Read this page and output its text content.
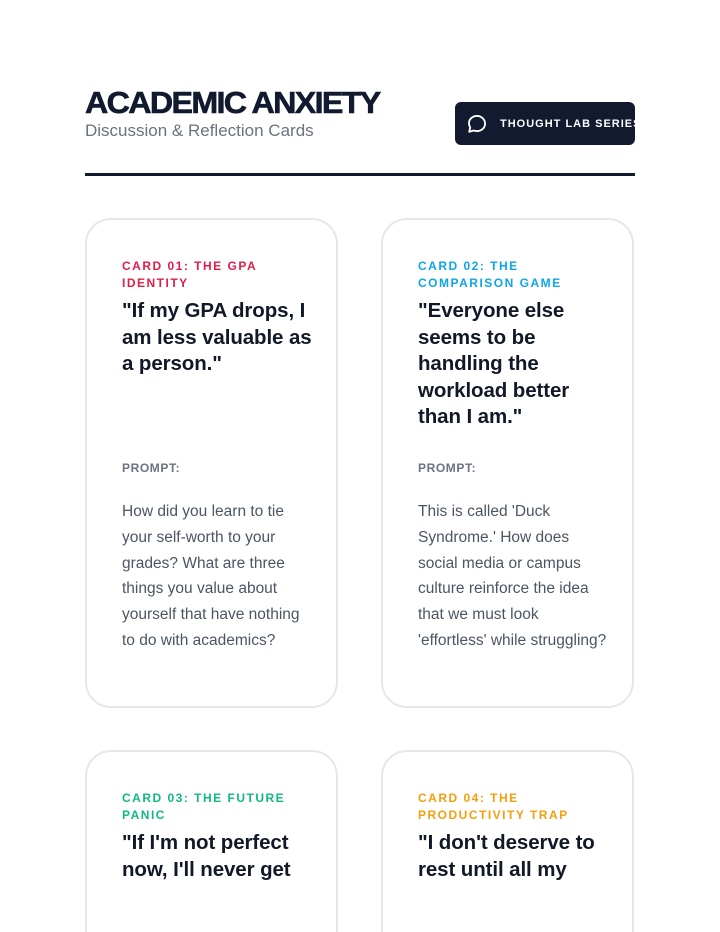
ACADEMIC ANXIETY
Discussion & Reflection Cards	THOUGHT LAB SERIES
CARD 01: THE GPA IDENTITY
"If my GPA drops, I am less valuable as a person."
PROMPT:
How did you learn to tie your self-worth to your grades? What are three things you value about yourself that have nothing to do with academics?
CARD 02: THE COMPARISON GAME
"Everyone else seems to be handling the workload better than I am."
PROMPT:
This is called 'Duck Syndrome.' How does social media or campus culture reinforce the idea that we must look 'effortless' while struggling?
CARD 03: THE FUTURE PANIC
"If I'm not perfect now, I'll never get
CARD 04: THE PRODUCTIVITY TRAP
"I don't deserve to rest until all my
